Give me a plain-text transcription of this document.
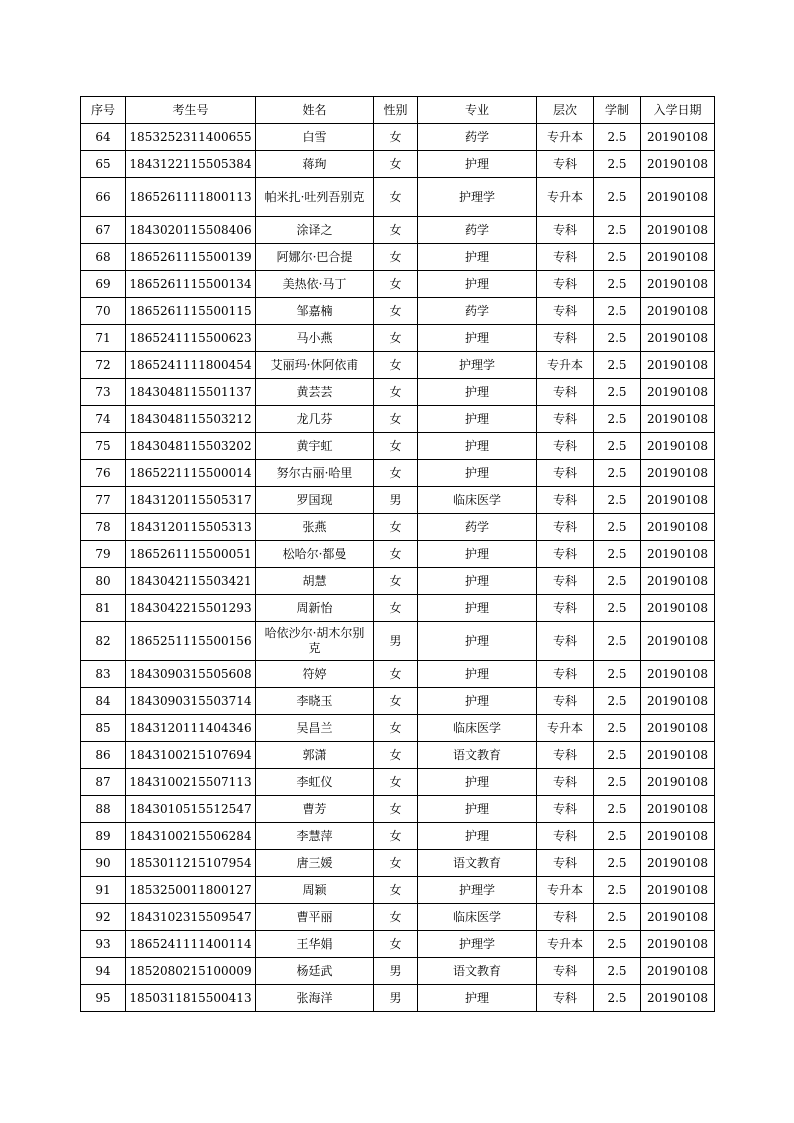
序号	考生号	姓名	性别	专业	层次	学制	入学日期
64	1853252311400655	白雪	女	药学	专升本	2.5	20190108
65	1843122115505384	蒋珣	女	护理	专科	2.5	20190108
66	1865261111800113	帕米扎·吐列吾别克	女	护理学	专升本	2.5	20190108
67	1843020115508406	涂译之	女	药学	专科	2.5	20190108
68	1865261115500139	阿娜尔·巴合提	女	护理	专科	2.5	20190108
69	1865261115500134	美热依·马丁	女	护理	专科	2.5	20190108
70	1865261115500115	邹嘉楠	女	药学	专科	2.5	20190108
71	1865241115500623	马小燕	女	护理	专科	2.5	20190108
72	1865241111800454	艾丽玛·休阿依甫	女	护理学	专升本	2.5	20190108
73	1843048115501137	黄芸芸	女	护理	专科	2.5	20190108
74	1843048115503212	龙几芬	女	护理	专科	2.5	20190108
75	1843048115503202	黄宇虹	女	护理	专科	2.5	20190108
76	1865221115500014	努尔古丽·哈里	女	护理	专科	2.5	20190108
77	1843120115505317	罗国现	男	临床医学	专科	2.5	20190108
78	1843120115505313	张燕	女	药学	专科	2.5	20190108
79	1865261115500051	松哈尔·都曼	女	护理	专科	2.5	20190108
80	1843042115503421	胡慧	女	护理	专科	2.5	20190108
81	1843042215501293	周新怡	女	护理	专科	2.5	20190108
82	1865251115500156	哈依沙尔·胡木尔别克	男	护理	专科	2.5	20190108
83	1843090315505608	符婷	女	护理	专科	2.5	20190108
84	1843090315503714	李晓玉	女	护理	专科	2.5	20190108
85	1843120111404346	吴昌兰	女	临床医学	专升本	2.5	20190108
86	1843100215107694	郭潇	女	语文教育	专科	2.5	20190108
87	1843100215507113	李虹仪	女	护理	专科	2.5	20190108
88	1843010515512547	曹芳	女	护理	专科	2.5	20190108
89	1843100215506284	李慧萍	女	护理	专科	2.5	20190108
90	1853011215107954	唐三媛	女	语文教育	专科	2.5	20190108
91	1853250011800127	周颖	女	护理学	专升本	2.5	20190108
92	1843102315509547	曹平丽	女	临床医学	专科	2.5	20190108
93	1865241111400114	王华娟	女	护理学	专升本	2.5	20190108
94	1852080215100009	杨廷武	男	语文教育	专科	2.5	20190108
95	1850311815500413	张海洋	男	护理	专科	2.5	20190108
